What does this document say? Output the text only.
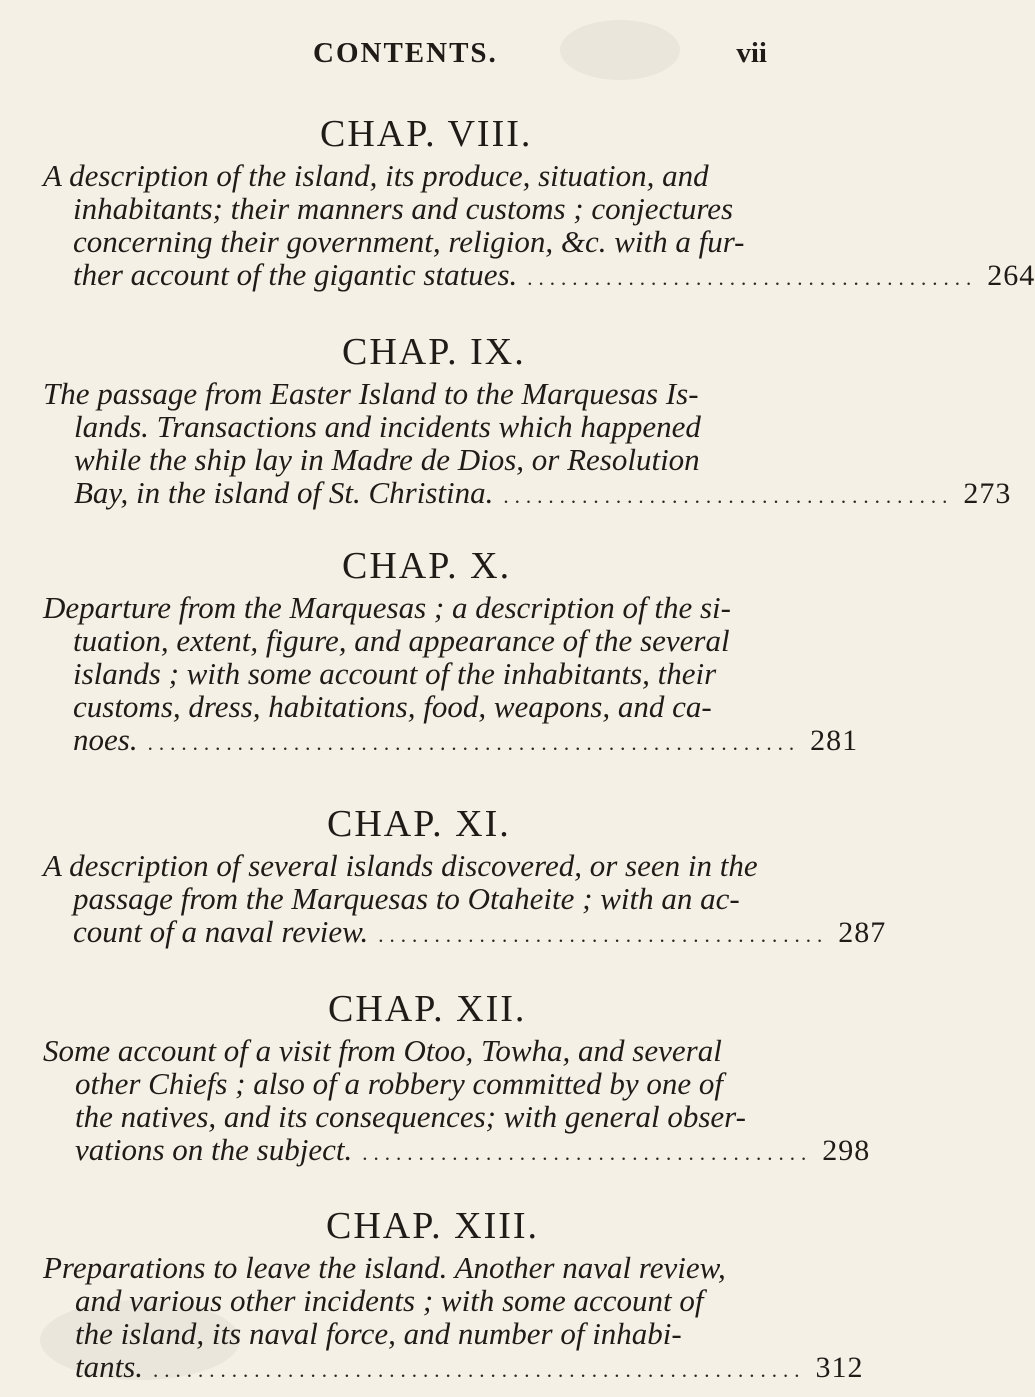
CONTENTS.	vii
CHAP. VIII.
A description of the island, its produce, situation, and
inhabitants; their manners and customs ; conjectures
concerning their government, religion, &c. with a fur-
ther account of the gigantic statues. ........................................ 264
CHAP. IX.
The passage from Easter Island to the Marquesas Is-
lands. Transactions and incidents which happened
while the ship lay in Madre de Dios, or Resolution
Bay, in the island of St. Christina. ........................................ 273
CHAP. X.
Departure from the Marquesas ; a description of the si-
tuation, extent, figure, and appearance of the several
islands ; with some account of the inhabitants, their
customs, dress, habitations, food, weapons, and ca-
noes. .......................................................... 281
CHAP. XI.
A description of several islands discovered, or seen in the
passage from the Marquesas to Otaheite ; with an ac-
count of a naval review. ........................................ 287
CHAP. XII.
Some account of a visit from Otoo, Towha, and several
other Chiefs ; also of a robbery committed by one of
the natives, and its consequences; with general obser-
vations on the subject. ........................................ 298
CHAP. XIII.
Preparations to leave the island. Another naval review,
and various other incidents ; with some account of
the island, its naval force, and number of inhabi-
tants. .......................................................... 312
